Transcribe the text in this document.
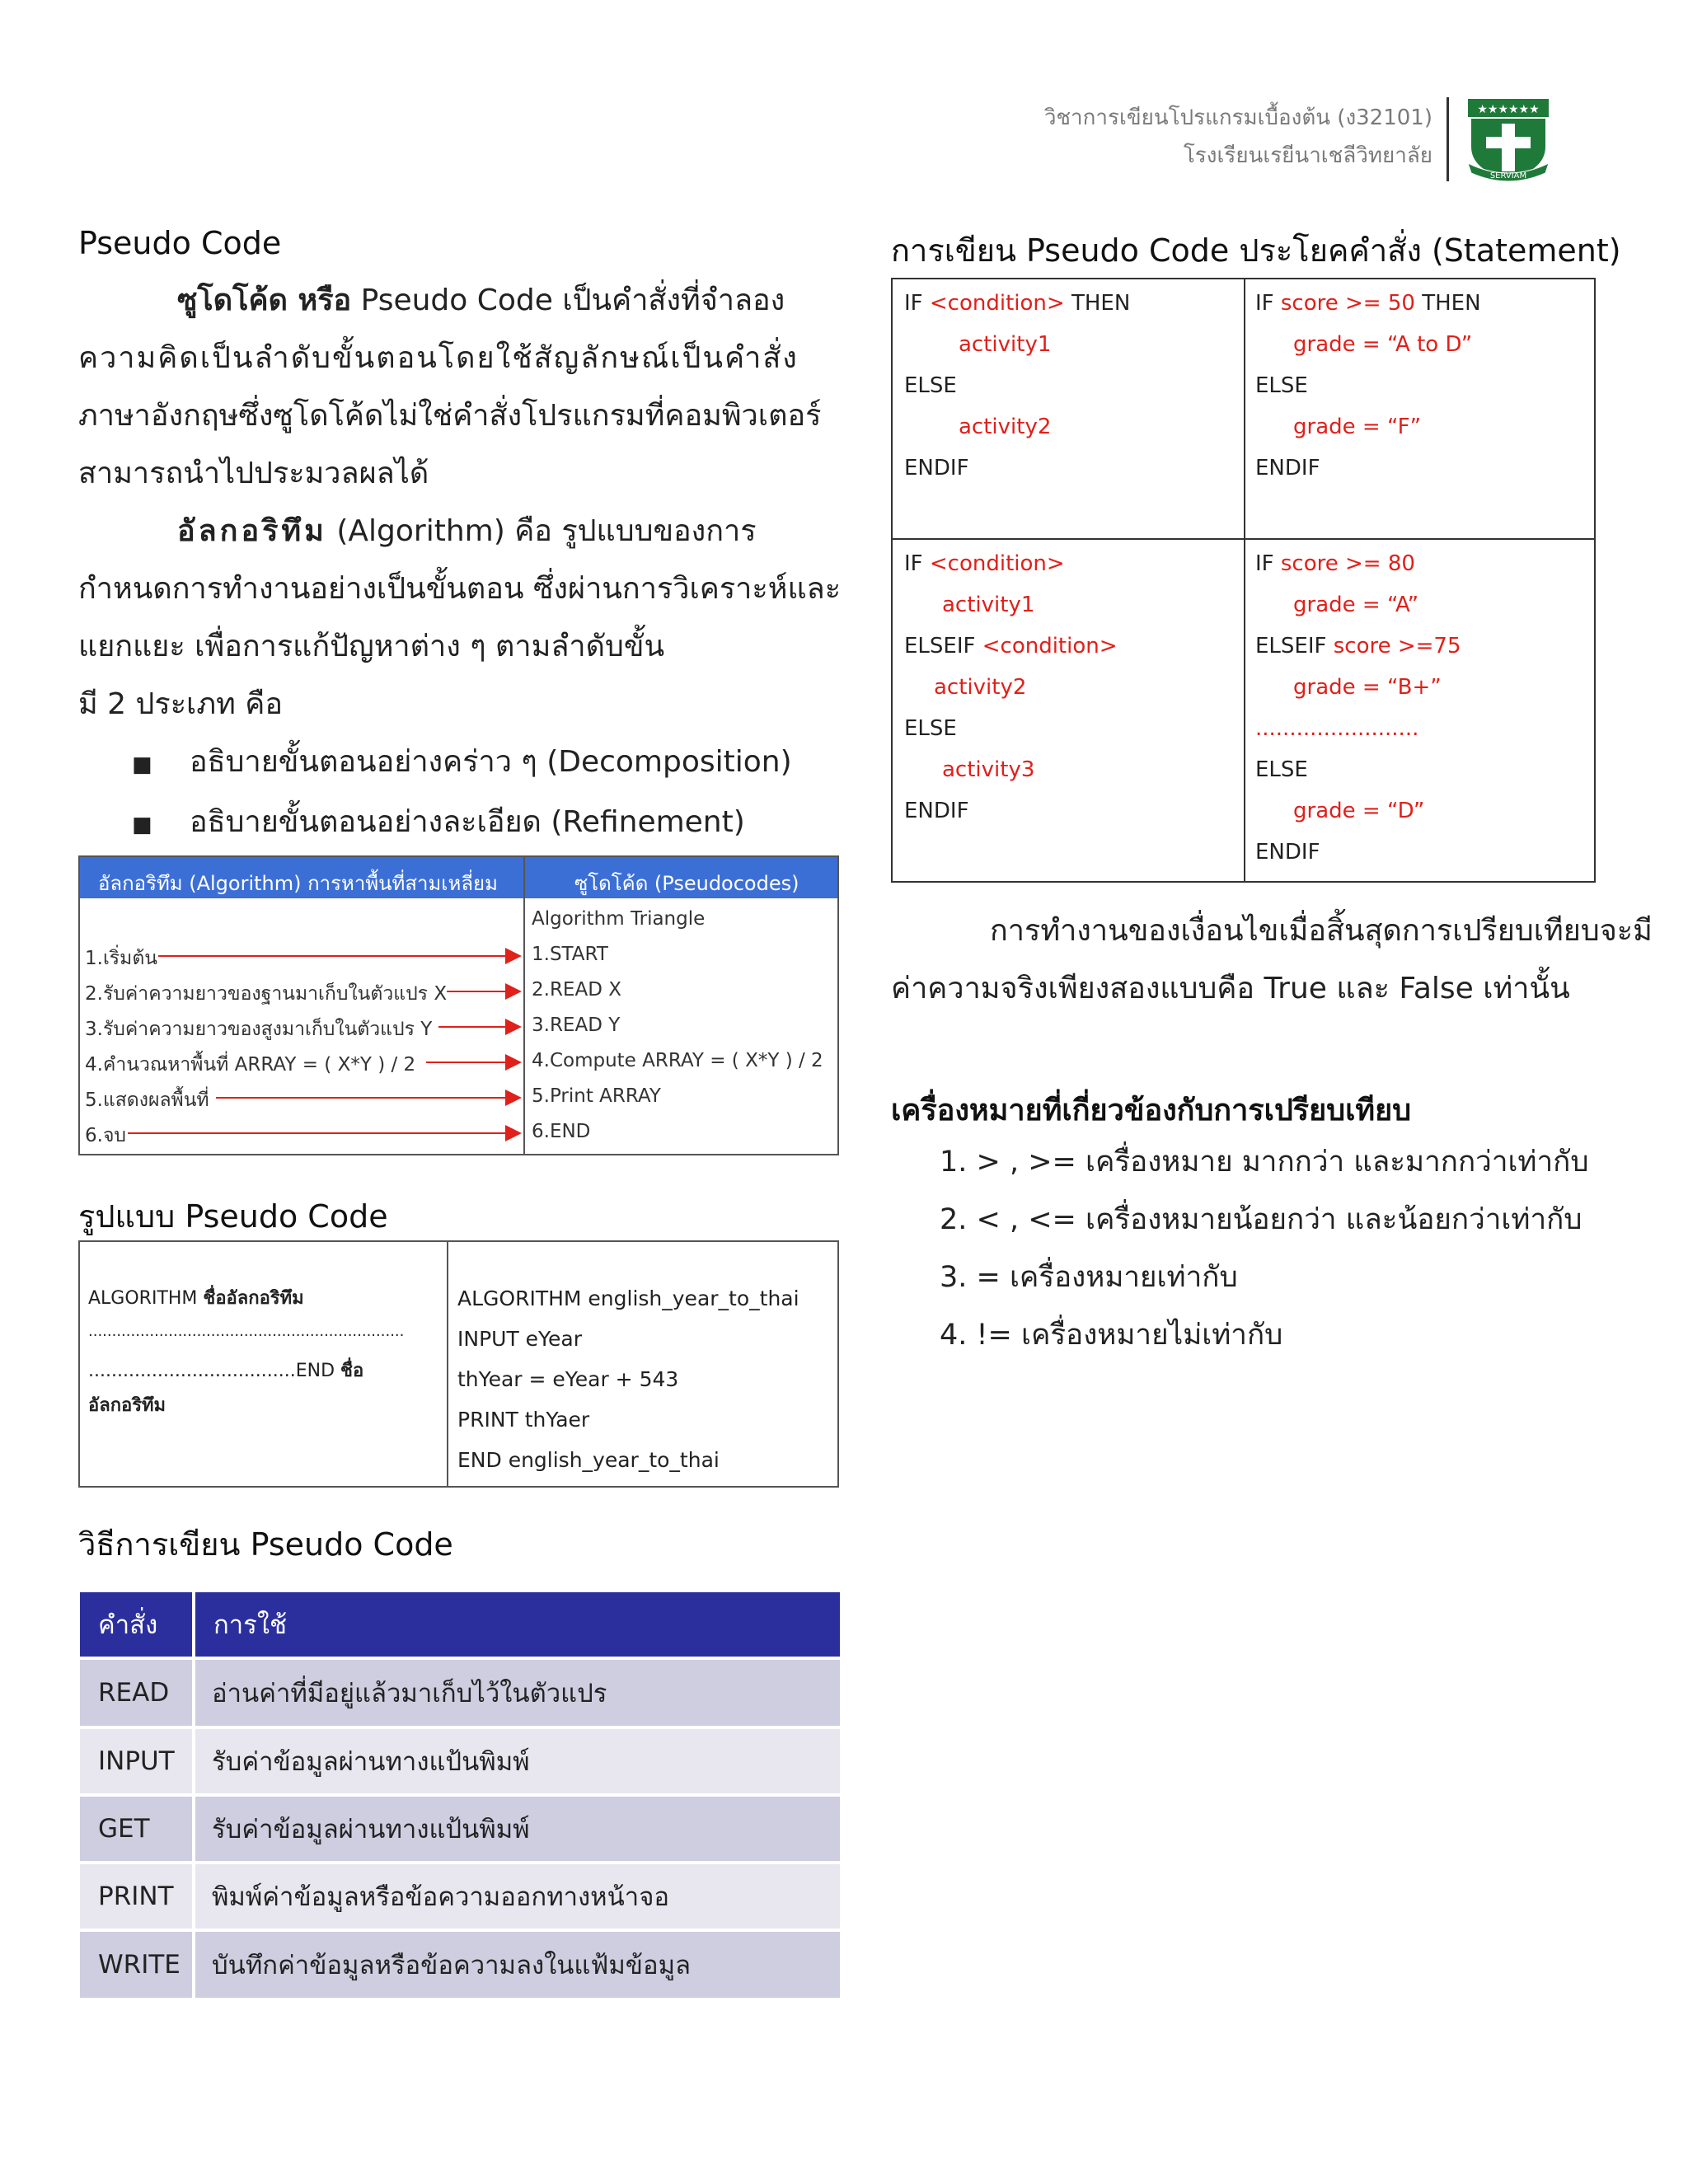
วิชาการเขียนโปรแกรมเบื้องต้น (ง32101)
โรงเรียนเรยีนาเชลีวิทยาลัย
★★★★★★
SERVIAM
Pseudo Code
ซูโดโค้ด หรือ Pseudo Code เป็นคำสั่งที่จำลอง
ความคิดเป็นลำดับขั้นตอนโดยใช้สัญลักษณ์เป็นคำสั่ง
ภาษาอังกฤษซึ่งซูโดโค้ดไม่ใช่คำสั่งโปรแกรมที่คอมพิวเตอร์
สามารถนำไปประมวลผลได้
อัลกอริทึม (Algorithm) คือ รูปแบบของการ
กำหนดการทำงานอย่างเป็นขั้นตอน ซึ่งผ่านการวิเคราะห์และ
แยกแยะ เพื่อการแก้ปัญหาต่าง ๆ ตามลำดับขั้น
มี 2 ประเภท คือ
■ อธิบายขั้นตอนอย่างคร่าว ๆ (Decomposition)
■ อธิบายขั้นตอนอย่างละเอียด (Refinement)
อัลกอริทึม (Algorithm) การหาพื้นที่สามเหลี่ยม	ซูโดโค้ด (Pseudocodes)
Algorithm Triangle
1.เริ่มต้น
2.รับค่าความยาวของฐานมาเก็บในตัวแปร X
3.รับค่าความยาวของสูงมาเก็บในตัวแปร Y
4.คำนวณหาพื้นที่ ARRAY = ( X*Y ) / 2
5.แสดงผลพื้นที่
6.จบ
1.START
2.READ X
3.READ Y
4.Compute ARRAY = ( X*Y ) / 2
5.Print ARRAY
6.END
รูปแบบ Pseudo Code
ALGORITHM ชื่ออัลกอริทึม
...................................................................
....................................END ชื่อ
อัลกอริทึม
ALGORITHM english_year_to_thai
INPUT eYear
thYear = eYear + 543
PRINT thYaer
END english_year_to_thai
วิธีการเขียน Pseudo Code
คำสั่ง การใช้
READ อ่านค่าที่มีอยู่แล้วมาเก็บไว้ในตัวแปร
INPUT รับค่าข้อมูลผ่านทางแป้นพิมพ์
GET รับค่าข้อมูลผ่านทางแป้นพิมพ์
PRINT พิมพ์ค่าข้อมูลหรือข้อความออกทางหน้าจอ
WRITE บันทึกค่าข้อมูลหรือข้อความลงในแฟ้มข้อมูล
การเขียน Pseudo Code ประโยคคำสั่ง (Statement)
IF <condition> THEN
activity1
ELSE
activity2
ENDIF
IF score >= 50 THEN
grade = “A to D”
ELSE
grade = “F”
ENDIF
IF <condition>
activity1
ELSEIF <condition>
activity2
ELSE
activity3
ENDIF
IF score >= 80
grade = “A”
ELSEIF score >=75
grade = “B+”
........................
ELSE
grade = “D”
ENDIF
การทำงานของเงื่อนไขเมื่อสิ้นสุดการเปรียบเทียบจะมี
ค่าความจริงเพียงสองแบบคือ True และ False เท่านั้น
เครื่องหมายที่เกี่ยวข้องกับการเปรียบเทียบ
1. > , >= เครื่องหมาย มากกว่า และมากกว่าเท่ากับ
2. < , <= เครื่องหมายน้อยกว่า และน้อยกว่าเท่ากับ
3. = เครื่องหมายเท่ากับ
4. != เครื่องหมายไม่เท่ากับ
